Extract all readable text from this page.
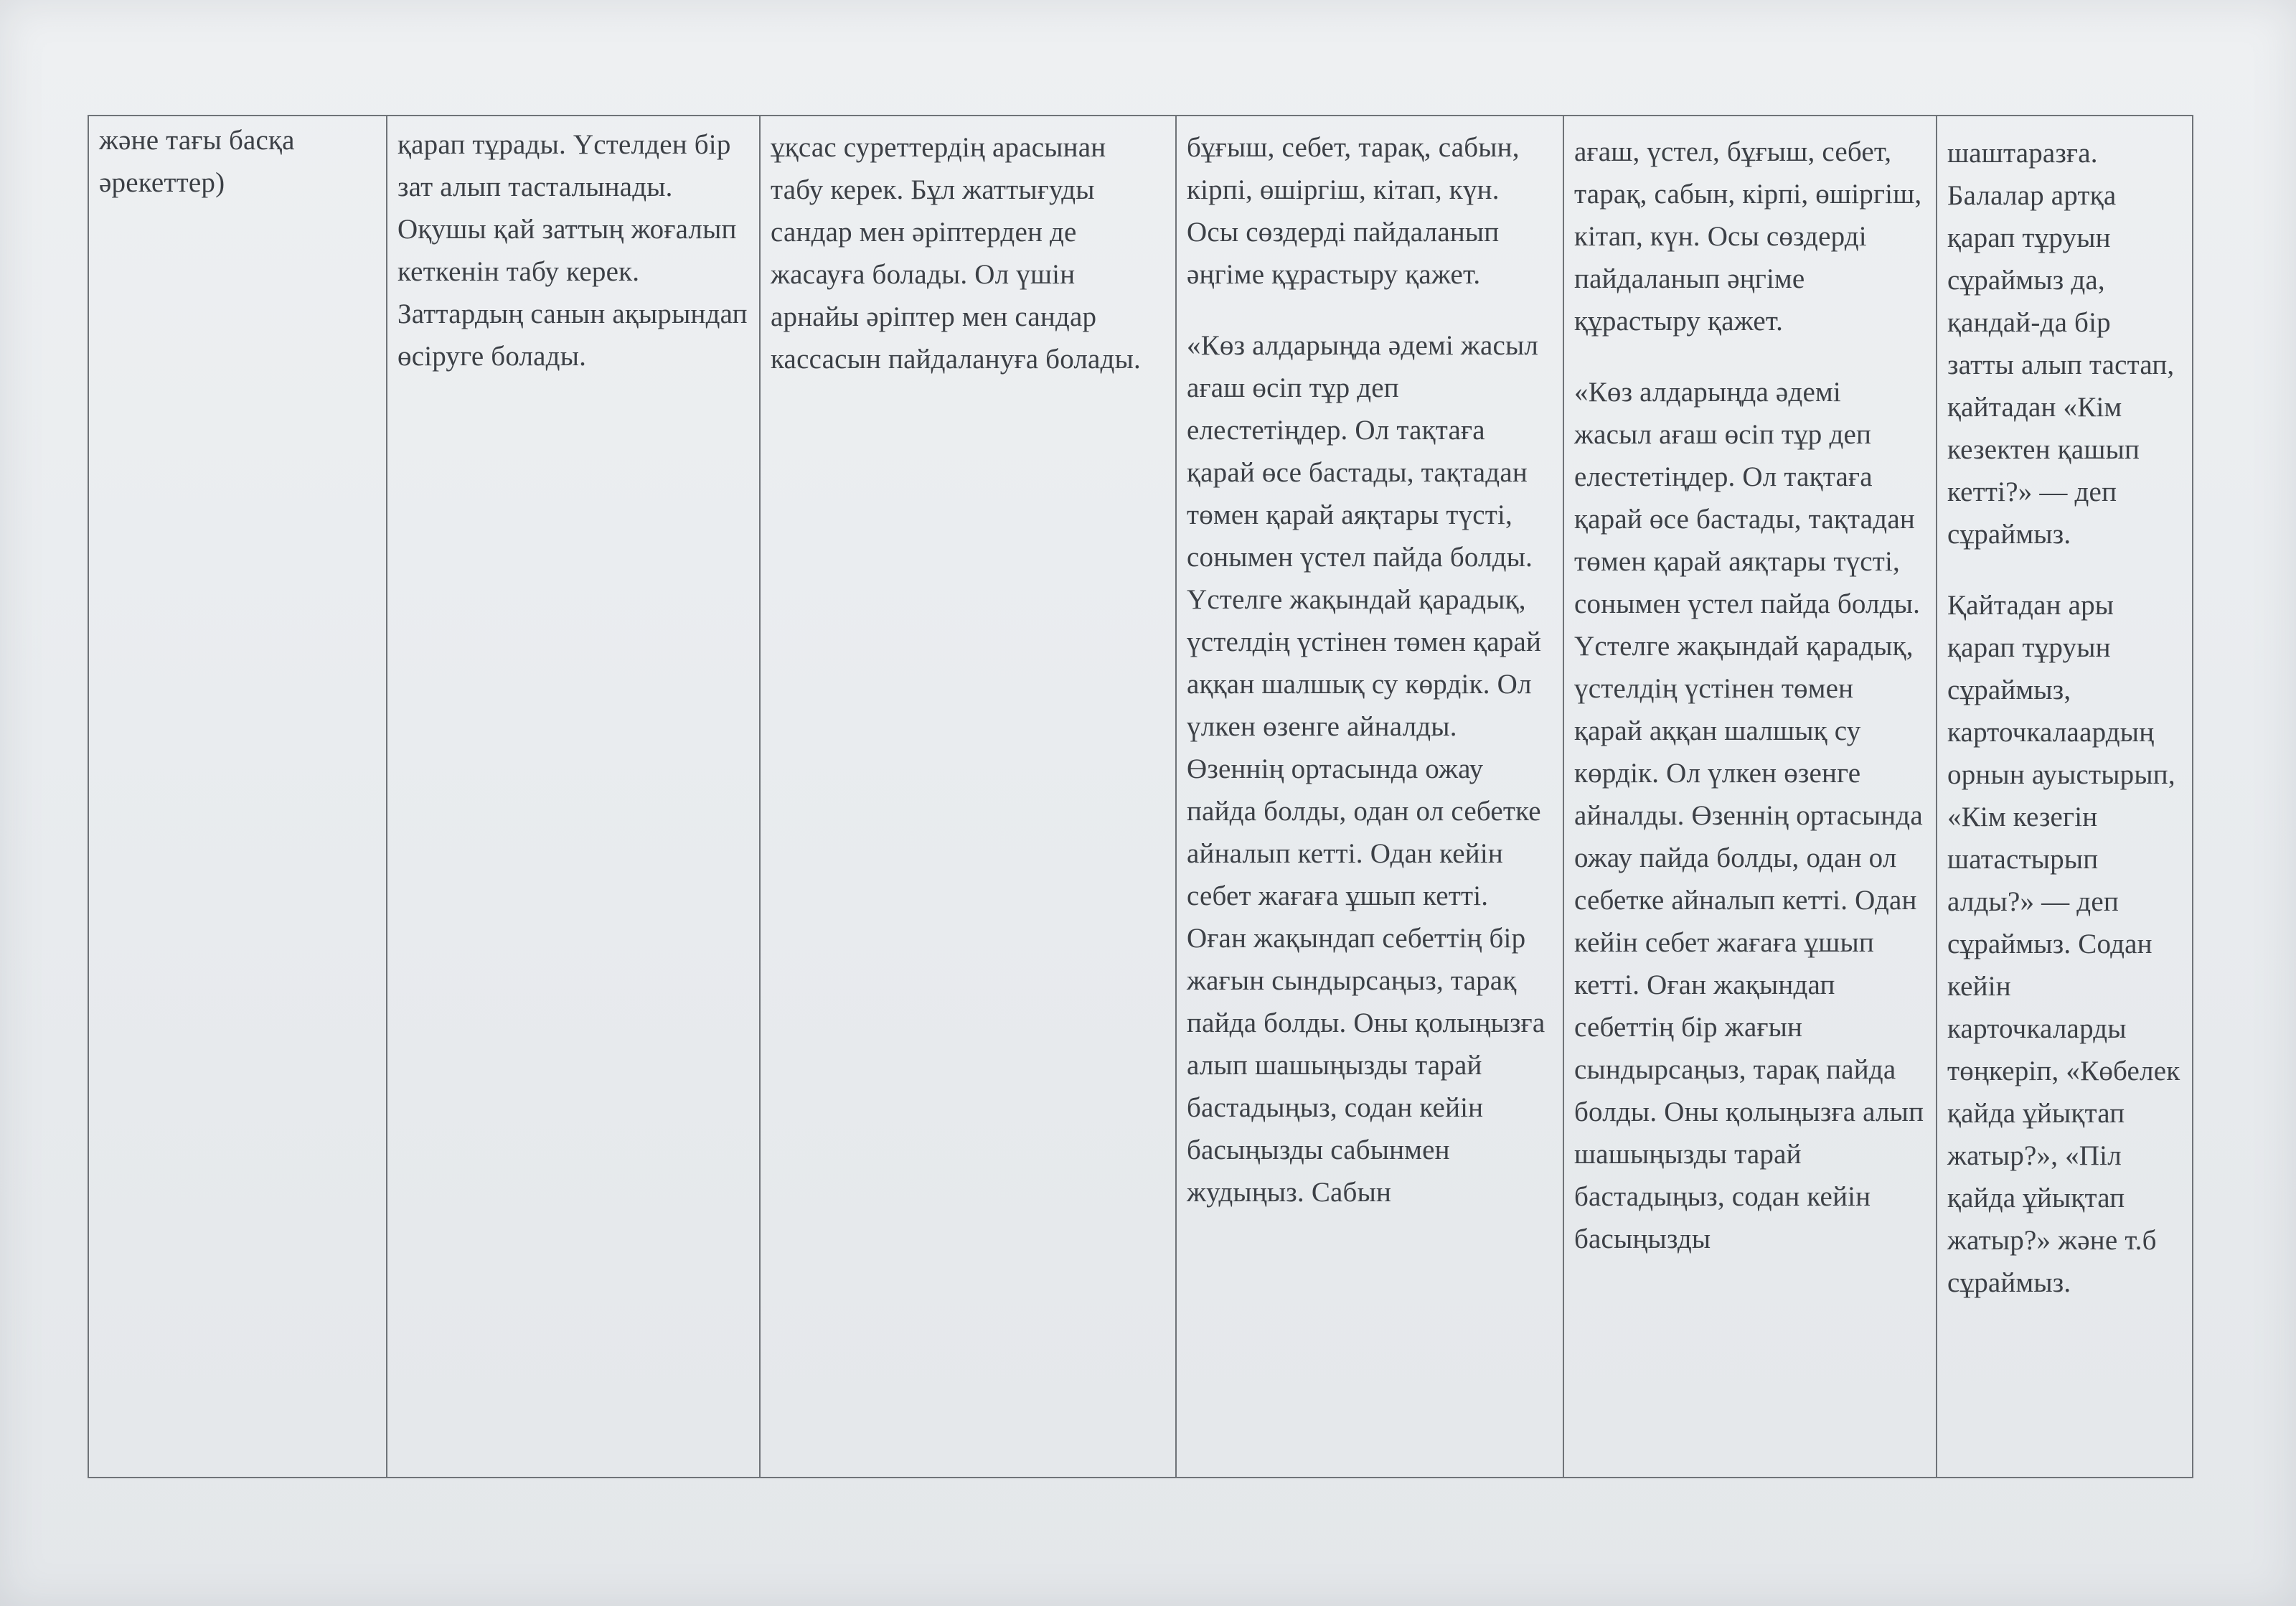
және тағы басқа әрекеттер)

қарап тұрады. Үстелден бір зат алып тасталынады. Оқушы қай заттың жоғалып кеткенін табу керек. Заттардың санын ақырындап өсіруге болады.

ұқсас суреттердің арасынан табу керек. Бұл жаттығуды сандар мен әріптерден де жасауға болады. Ол үшін арнайы әріптер мен сандар кассасын пайдалануға болады.

бұғыш, себет, тарақ, сабын, кірпі, өшіргіш, кітап, күн. Осы сөздерді пайдаланып әңгіме құрастыру қажет.

«Көз алдарыңда әдемі жасыл ағаш өсіп тұр деп елестетіңдер. Ол тақтаға қарай өсе бастады, тақтадан төмен қарай аяқтары түсті, сонымен үстел пайда болды. Үстелге жақындай қарадық, үстелдің үстінен төмен қарай аққан шалшық су көрдік. Ол үлкен өзенге айналды. Өзеннің ортасында ожау пайда болды, одан ол себетке айналып кетті. Одан кейін себет жағаға ұшып кетті. Оған жақындап себеттің бір жағын сындырсаңыз, тарақ пайда болды. Оны қолыңызға алып шашыңызды тарай бастадыңыз, содан кейін басыңызды сабынмен жудыңыз. Сабын

ағаш, үстел, бұғыш, себет, тарақ, сабын, кірпі, өшіргіш, кітап, күн. Осы сөздерді пайдаланып әңгіме құрастыру қажет.

«Көз алдарыңда әдемі жасыл ағаш өсіп тұр деп елестетіңдер. Ол тақтаға қарай өсе бастады, тақтадан төмен қарай аяқтары түсті, сонымен үстел пайда болды. Үстелге жақындай қарадық, үстелдің үстінен төмен қарай аққан шалшық су көрдік. Ол үлкен өзенге айналды. Өзеннің ортасында ожау пайда болды, одан ол себетке айналып кетті. Одан кейін себет жағаға ұшып кетті. Оған жақындап себеттің бір жағын сындырсаңыз, тарақ пайда болды. Оны қолыңызға алып шашыңызды тарай бастадыңыз, содан кейін басыңызды

шаштаразға. Балалар артқа қарап тұруын сұраймыз да, қандай-да бір затты алып тастап, қайтадан «Кім кезектен қашып кетті?» — деп сұраймыз.

Қайтадан ары қарап тұруын сұраймыз, карточкалаардың орнын ауыстырып, «Кім кезегін шатастырып алды?» — деп сұраймыз. Содан кейін карточкаларды төңкеріп, «Көбелек қайда ұйықтап жатыр?», «Піл қайда ұйықтап жатыр?» және т.б сұраймыз.
